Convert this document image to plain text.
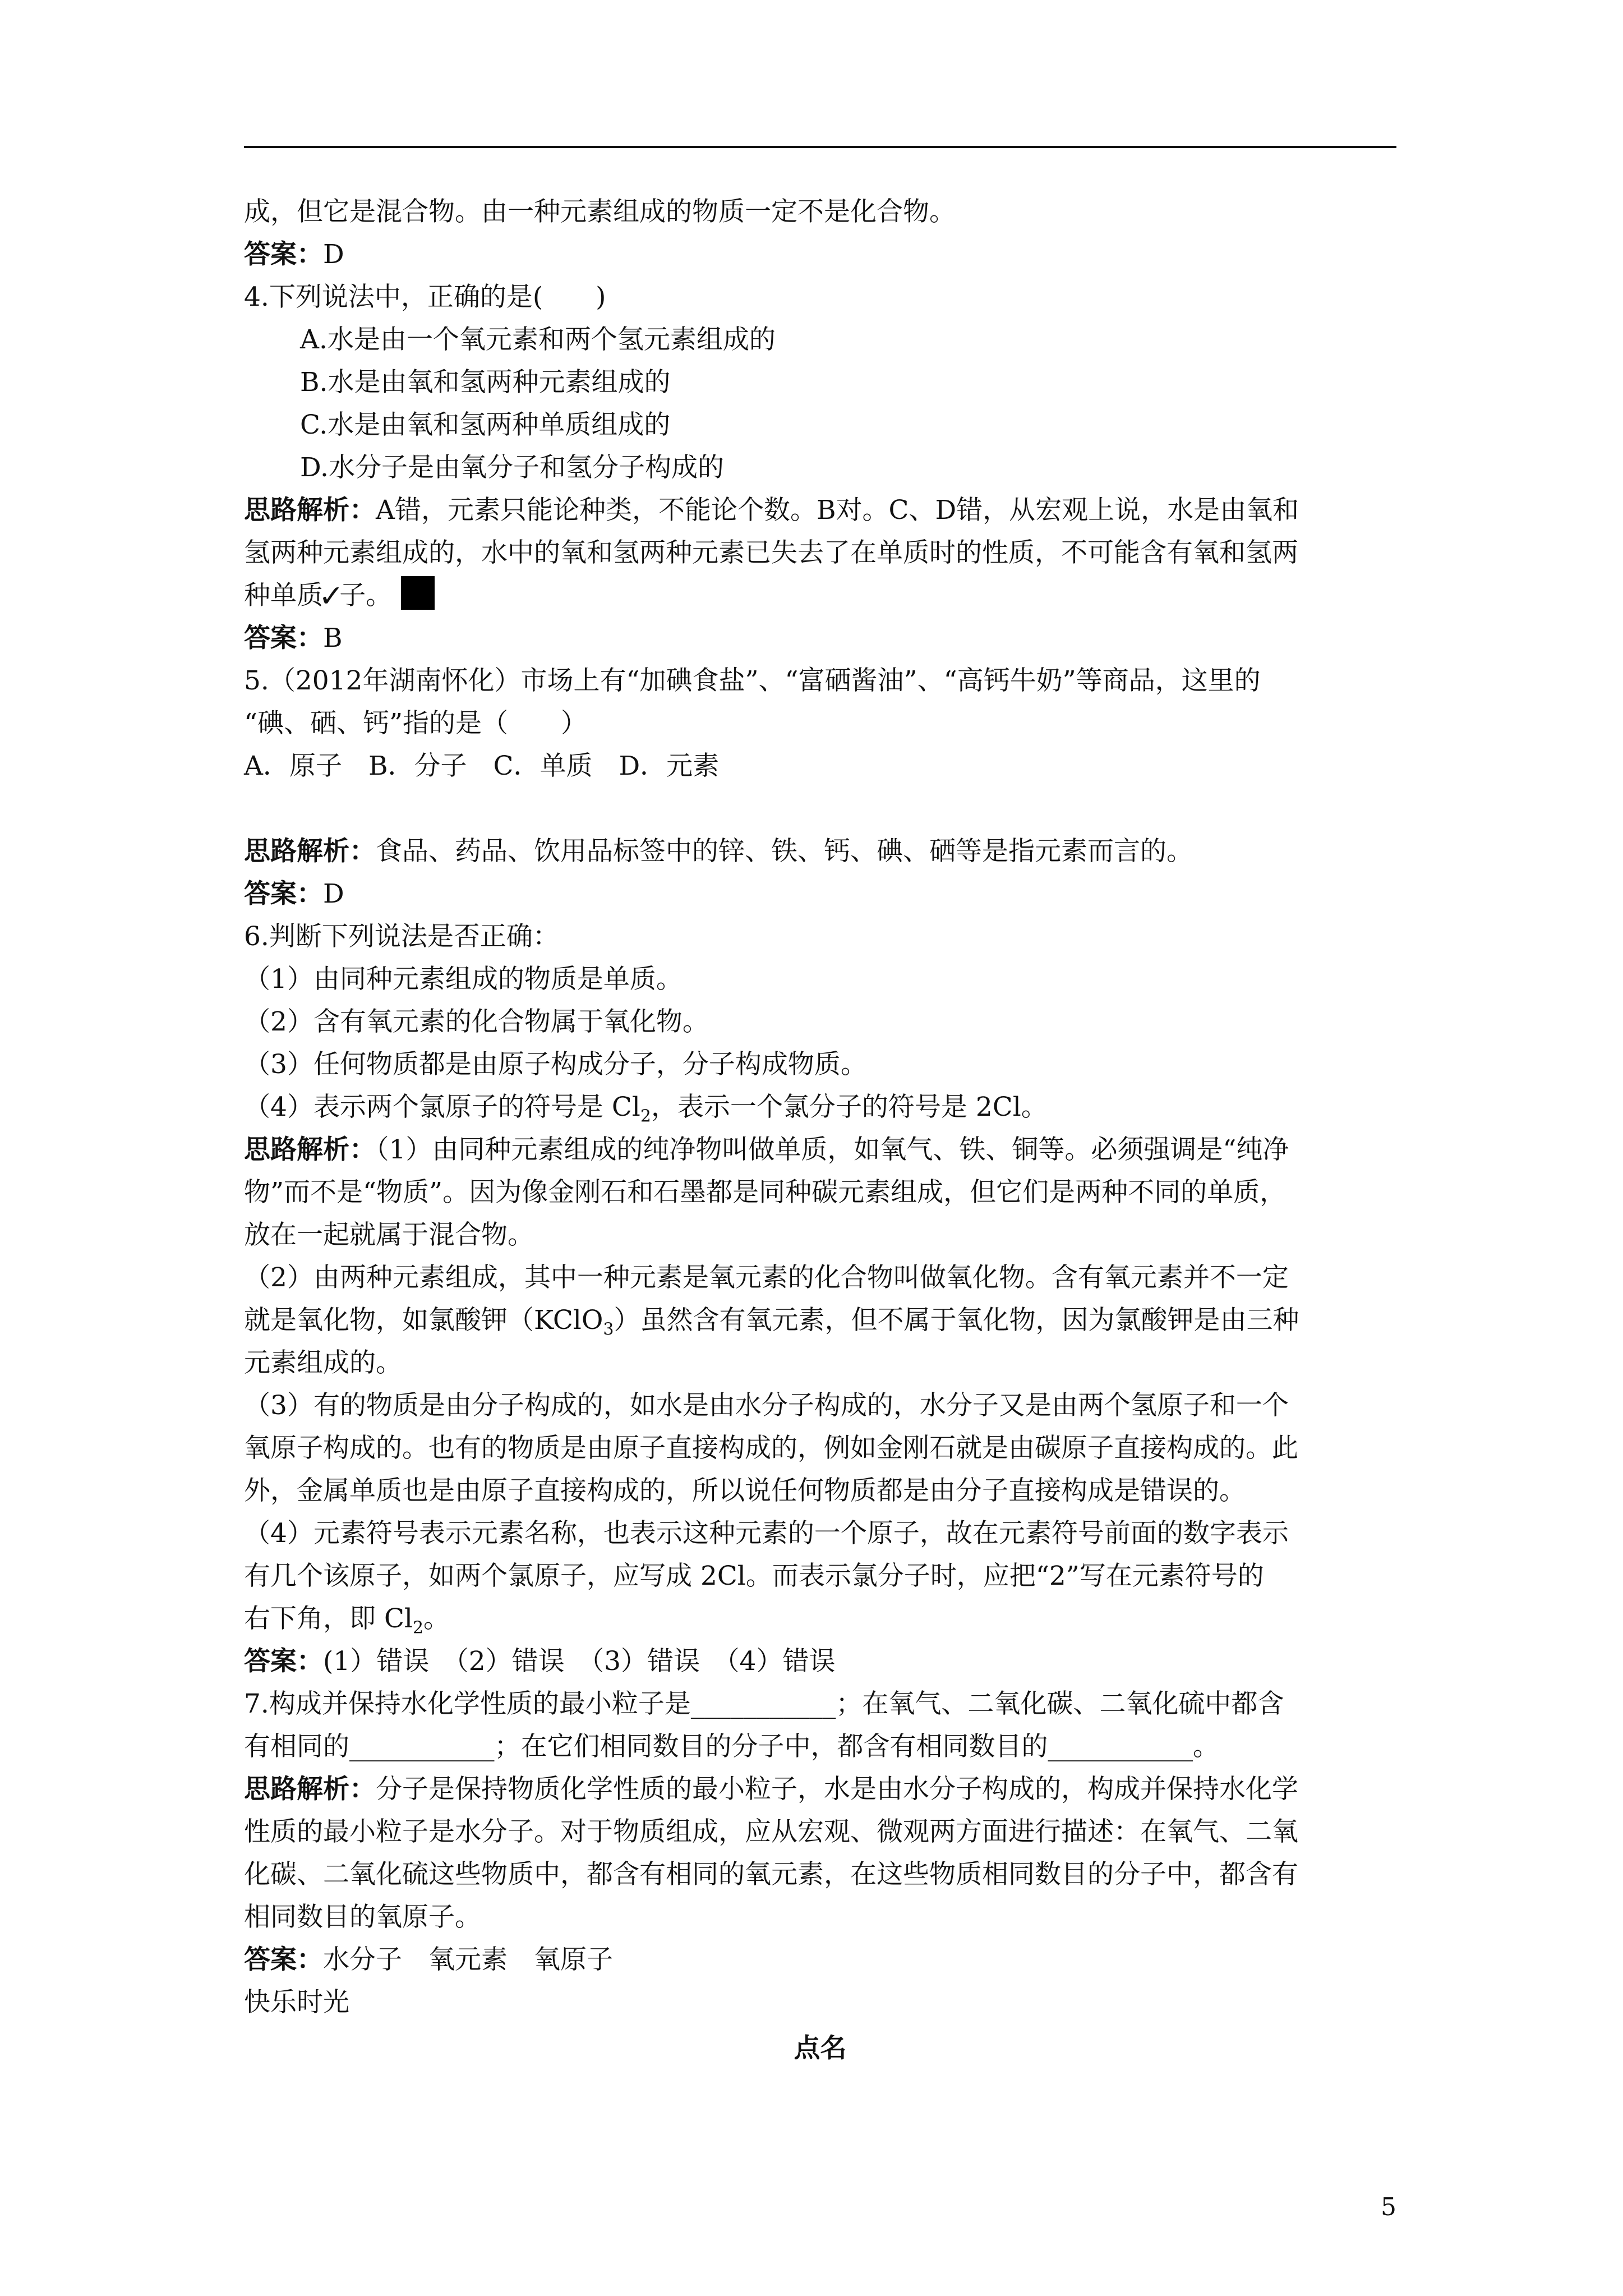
成，但它是混合物。由一种元素组成的物质一定不是化合物。
答案：D
4.下列说法中，正确的是(　　)
A.水是由一个氧元素和两个氢元素组成的
B.水是由氧和氢两种元素组成的
C.水是由氧和氢两种单质组成的
D.水分子是由氧分子和氢分子构成的
思路解析：A错，元素只能论种类，不能论个数。B对。C、D错，从宏观上说，水是由氧和
氢两种元素组成的，水中的氧和氢两种元素已失去了在单质时的性质，不可能含有氧和氢两
种单质✓子。
答案：B
5.（2012年湖南怀化）市场上有“加碘食盐”、“富硒酱油”、“高钙牛奶”等商品，这里的
“碘、硒、钙”指的是（　　）
A．原子　B．分子　C．单质　D．元素
思路解析：食品、药品、饮用品标签中的锌、铁、钙、碘、硒等是指元素而言的。
答案：D
6.判断下列说法是否正确：
（1）由同种元素组成的物质是单质。
（2）含有氧元素的化合物属于氧化物。
（3）任何物质都是由原子构成分子，分子构成物质。
（4）表示两个氯原子的符号是 $Cl_2$，表示一个氯分子的符号是 2Cl。
思路解析：（1）由同种元素组成的纯净物叫做单质，如氧气、铁、铜等。必须强调是“纯净
物”而不是“物质”。因为像金刚石和石墨都是同种碳元素组成，但它们是两种不同的单质，
放在一起就属于混合物。
（2）由两种元素组成，其中一种元素是氧元素的化合物叫做氧化物。含有氧元素并不一定
就是氧化物，如氯酸钾（KClO$_3$）虽然含有氧元素，但不属于氧化物，因为氯酸钾是由三种
元素组成的。
（3）有的物质是由分子构成的，如水是由水分子构成的，水分子又是由两个氢原子和一个
氧原子构成的。也有的物质是由原子直接构成的，例如金刚石就是由碳原子直接构成的。此
外，金属单质也是由原子直接构成的，所以说任何物质都是由分子直接构成是错误的。
（4）元素符号表示元素名称，也表示这种元素的一个原子，故在元素符号前面的数字表示
有几个该原子，如两个氯原子，应写成 2Cl。而表示氯分子时，应把“2”写在元素符号的
右下角，即 $Cl_2$。
答案：(1）错误　（2）错误　（3）错误　（4）错误
7.构成并保持水化学性质的最小粒子是___________；在氧气、二氧化碳、二氧化硫中都含
有相同的___________；在它们相同数目的分子中，都含有相同数目的___________。
思路解析：分子是保持物质化学性质的最小粒子，水是由水分子构成的，构成并保持水化学
性质的最小粒子是水分子。对于物质组成，应从宏观、微观两方面进行描述：在氧气、二氧
化碳、二氧化硫这些物质中，都含有相同的氧元素，在这些物质相同数目的分子中，都含有
相同数目的氧原子。
答案：水分子　氧元素　氧原子
快乐时光
点名
5
